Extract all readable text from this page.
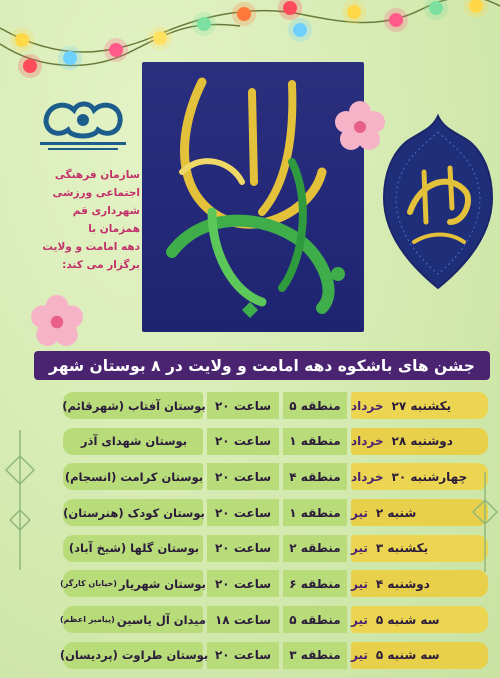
سازمان فرهنگی
اجتماعی ورزشی
شهرداری قم
همزمان با
دهه امامت و ولایت
برگزار می کند:
جشن های باشکوه دهه امامت و ولایت در ۸ بوستان شهر
یکشنبه ۲۷
خرداد
منطقه ۵
ساعت ۲۰
بوستان آفتاب (شهرقائم)
دوشنبه ۲۸
خرداد
منطقه ۱
ساعت ۲۰
بوستان شهدای آذر
چهارشنبه ۳۰
خرداد
منطقه ۴
ساعت ۲۰
بوستان کرامت (انسجام)
شنبه ۲
تیر
منطقه ۱
ساعت ۲۰
بوستان کودک (هنرستان)
یکشنبه ۳
تیر
منطقه ۲
ساعت ۲۰
بوستان گلها (شیخ آباد)
دوشنبه ۴
تیر
منطقه ۶
ساعت ۲۰
بوستان شهریار
(خیابان کارگر)
سه شنبه ۵
تیر
منطقه ۵
ساعت ۱۸
میدان آل یاسین
(پیامبر اعظم)
سه شنبه ۵
تیر
منطقه ۳
ساعت ۲۰
بوستان طراوت (پردیسان)
